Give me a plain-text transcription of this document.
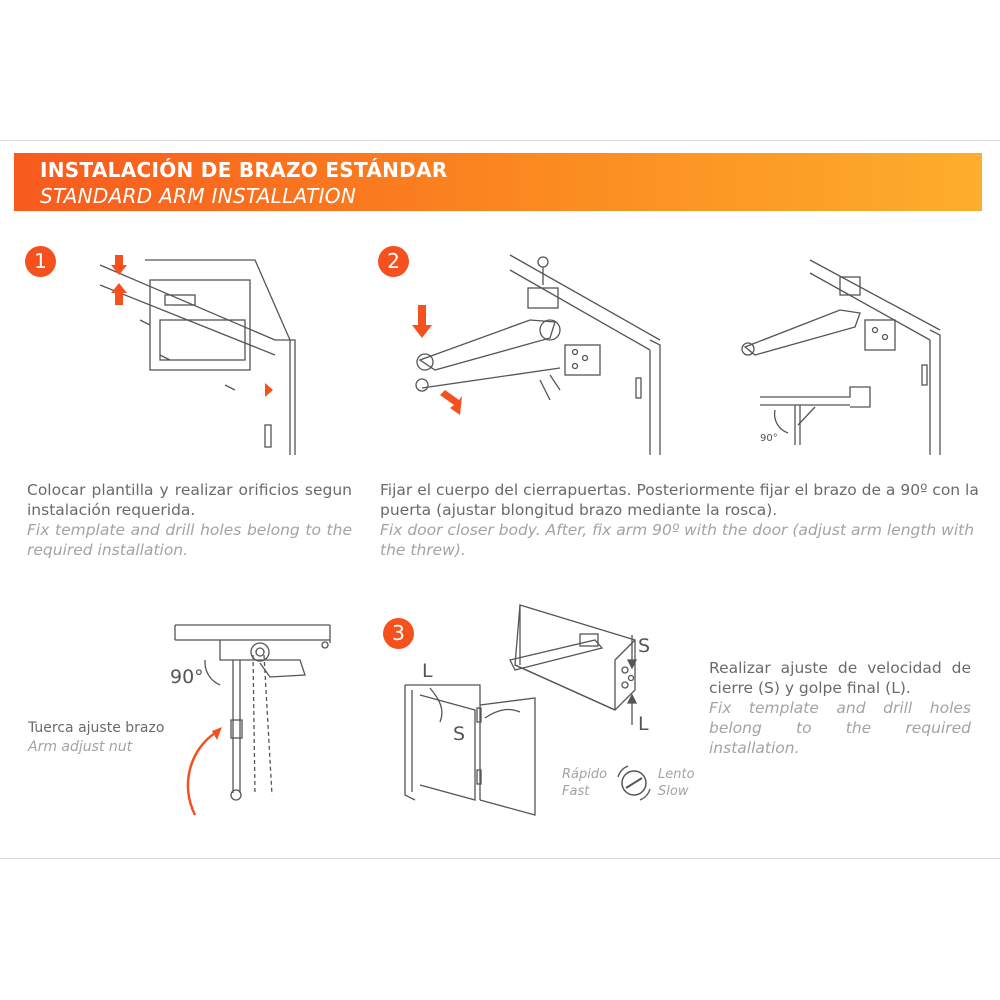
INSTALACIÓN DE BRAZO ESTÁNDAR
STANDARD ARM INSTALLATION
1
Colocar plantilla y realizar orificios segun instalación requerida.
Fix template and drill holes belong to the required installation.
2
90°
Fijar el cuerpo del cierrapuertas. Posteriormente fijar el brazo de a 90º con la puerta (ajustar blongitud brazo mediante la rosca).
Fix door closer body. After, fix arm 90º with the door (adjust arm length with the threw).
90°
Tuerca ajuste brazo
Arm adjust nut
3
L
S
S
L
Rápido
Fast
Lento
Slow
Realizar ajuste de velocidad de cierre (S) y golpe final (L).
Fix template and drill holes belong to the required installation.
